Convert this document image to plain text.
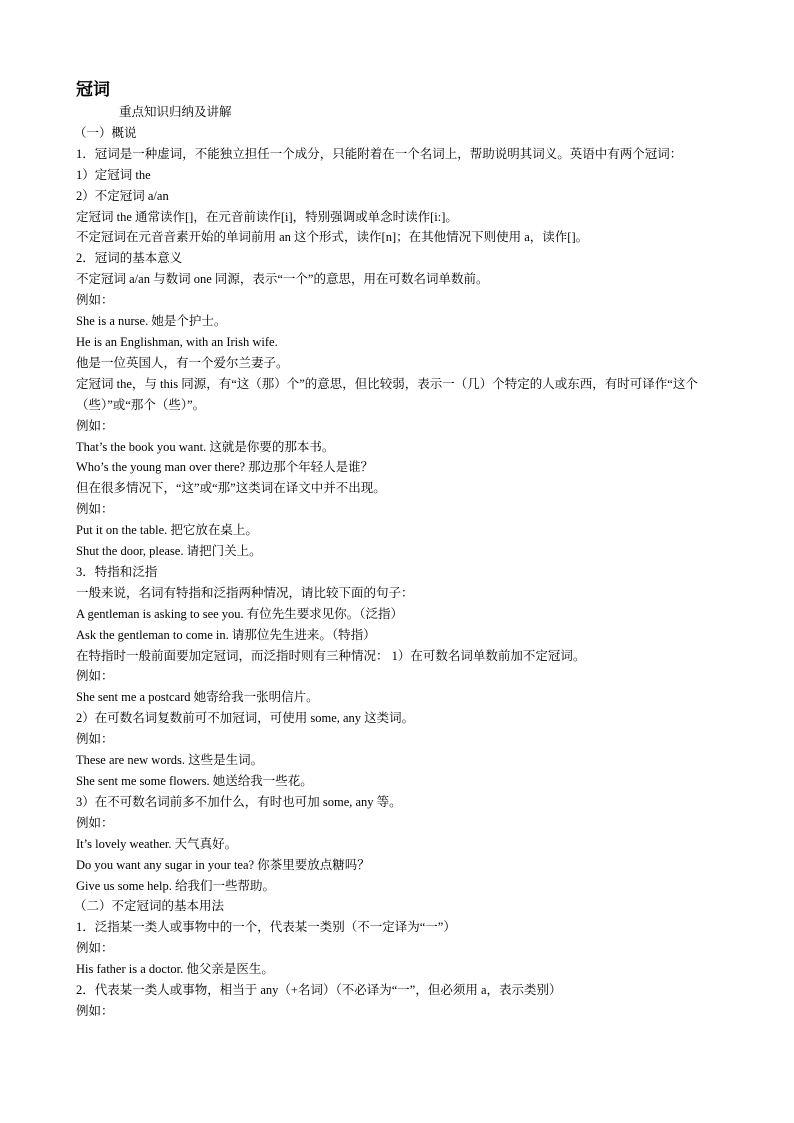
冠词

重点知识归纳及讲解

（一）概说

1．冠词是一种虚词，不能独立担任一个成分，只能附着在一个名词上，帮助说明其词义。英语中有两个冠词：

1）定冠词 the

2）不定冠词 a/an

定冠词 the 通常读作[]，在元音前读作[i]，特别强调或单念时读作[i:]。

不定冠词在元音音素开始的单词前用 an 这个形式，读作[n]；在其他情况下则使用 a，读作[]。

2．冠词的基本意义

不定冠词 a/an 与数词 one 同源，表示“一个”的意思，用在可数名词单数前。

例如：

She is a nurse. 她是个护士。

He is an Englishman, with an Irish wife.

他是一位英国人，有一个爱尔兰妻子。

定冠词 the，与 this 同源，有“这（那）个”的意思，但比较弱，表示一（几）个特定的人或东西，有时可译作“这个（些）”或“那个（些）”。

例如：

That’s the book you want. 这就是你要的那本书。

Who’s the young man over there? 那边那个年轻人是谁？

但在很多情况下，“这”或“那”这类词在译文中并不出现。

例如：

Put it on the table. 把它放在桌上。

Shut the door, please. 请把门关上。

3．特指和泛指

一般来说，名词有特指和泛指两种情况，请比较下面的句子：

A gentleman is asking to see you. 有位先生要求见你。（泛指）

Ask the gentleman to come in. 请那位先生进来。（特指）

在特指时一般前面要加定冠词，而泛指时则有三种情况： 1）在可数名词单数前加不定冠词。

例如：

She sent me a postcard 她寄给我一张明信片。

2）在可数名词复数前可不加冠词，可使用 some, any 这类词。

例如：

These are new words. 这些是生词。

She sent me some flowers. 她送给我一些花。

3）在不可数名词前多不加什么，有时也可加 some, any 等。

例如：

It’s lovely weather. 天气真好。

Do you want any sugar in your tea? 你茶里要放点糖吗？

Give us some help. 给我们一些帮助。

（二）不定冠词的基本用法

1．泛指某一类人或事物中的一个，代表某一类别（不一定译为“一”）

例如：

His father is a doctor. 他父亲是医生。

2．代表某一类人或事物，相当于 any（+名词）（不必译为“一”，但必须用 a，表示类别）

例如：
